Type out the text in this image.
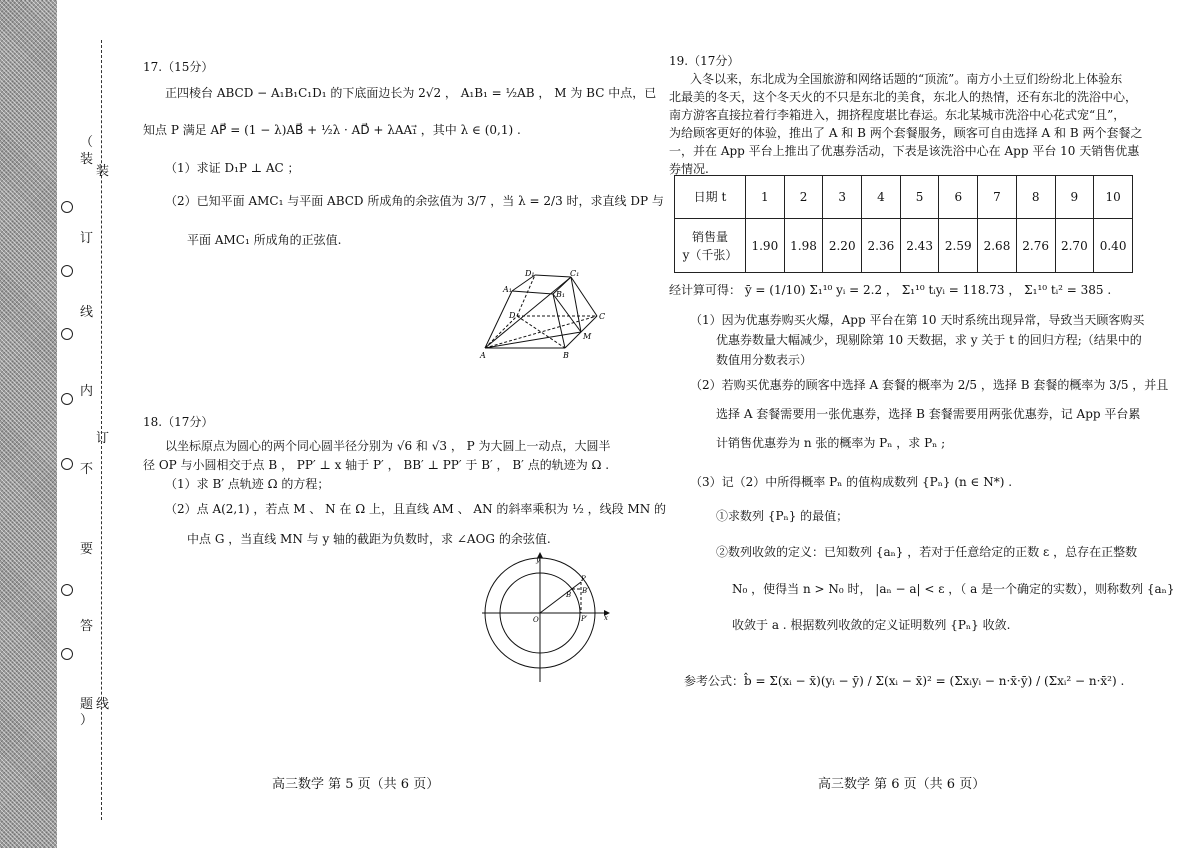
（
装
订
线
内
不
要
答
题
）
装
订
线

17.（15分）

正四棱台 ABCD − A₁B₁C₁D₁ 的下底面边长为 2√2 ， A₁B₁ = ½AB ， M 为 BC 中点，已

知点 P 满足 AP⃗ = (1 − λ)AB⃗ + ½λ · AD⃗ + λAA₁⃗ ，其中 λ ∈ (0,1) .

（1）求证 D₁P ⊥ AC ；

（2）已知平面 AMC₁ 与平面 ABCD 所成角的余弦值为 3/7 ，当 λ = 2/3 时，求直线 DP 与

平面 AMC₁ 所成角的正弦值.

D₁	C₁
A₁
B₁
D	C
M
A	B

18.（17分）

以坐标原点为圆心的两个同心圆半径分别为 √6 和 √3 ， P 为大圆上一动点，大圆半

径 OP 与小圆相交于点 B ， PP′ ⊥ x 轴于 P′ ， BB′ ⊥ PP′ 于 B′ ， B′ 点的轨迹为 Ω .

（1）求 B′ 点轨迹 Ω 的方程；

（2）点 A(2,1) ，若点 M 、 N 在 Ω 上，且直线 AM 、 AN 的斜率乘积为 ½ ，线段 MN 的

中点 G ，当直线 MN 与 y 轴的截距为负数时，求 ∠AOG 的余弦值.

y
x
O
P
B B′
P′
高三数学 第 5 页（共 6 页）

19.（17分）

入冬以来，东北成为全国旅游和网络话题的“顶流”。南方小土豆们纷纷北上体验东

北最美的冬天，这个冬天火的不只是东北的美食，东北人的热情，还有东北的洗浴中心，

南方游客直接拉着行李箱进入，拥挤程度堪比春运。东北某城市洗浴中心花式宠“且”，

为给顾客更好的体验，推出了 A 和 B 两个套餐服务，顾客可自由选择 A 和 B 两个套餐之

一，并在 App 平台上推出了优惠券活动，下表是该洗浴中心在 App 平台 10 天销售优惠

券情况.

日期 t	1	2	3	4	5	6	7	8	9	10

销售量
y（千张）	1.90	1.98	2.20	2.36	2.43	2.59	2.68	2.76	2.70	0.40

经计算可得： ȳ = (1/10) Σ₁¹⁰ yᵢ = 2.2 ， Σ₁¹⁰ tᵢyᵢ = 118.73 ， Σ₁¹⁰ tᵢ² = 385 .

（1）因为优惠券购买火爆，App 平台在第 10 天时系统出现异常，导致当天顾客购买

优惠券数量大幅减少，现剔除第 10 天数据，求 y 关于 t 的回归方程;（结果中的

数值用分数表示）

（2）若购买优惠券的顾客中选择 A 套餐的概率为 2/5 ，选择 B 套餐的概率为 3/5 ，并且

选择 A 套餐需要用一张优惠券，选择 B 套餐需要用两张优惠券，记 App 平台累

计销售优惠券为 n 张的概率为 Pₙ ，求 Pₙ ;

（3）记（2）中所得概率 Pₙ 的值构成数列 {Pₙ} (n ∈ N*) .

①求数列 {Pₙ} 的最值；

②数列收敛的定义：已知数列 {aₙ} ，若对于任意给定的正数 ε ，总存在正整数

N₀ ，使得当 n > N₀ 时， |aₙ − a| < ε ，（ a 是一个确定的实数），则称数列 {aₙ}

收敛于 a . 根据数列收敛的定义证明数列 {Pₙ} 收敛.

参考公式： b̂ = Σ(xᵢ − x̄)(yᵢ − ȳ) / Σ(xᵢ − x̄)² = (Σxᵢyᵢ − n·x̄·ȳ) / (Σxᵢ² − n·x̄²) .

高三数学 第 6 页（共 6 页）
